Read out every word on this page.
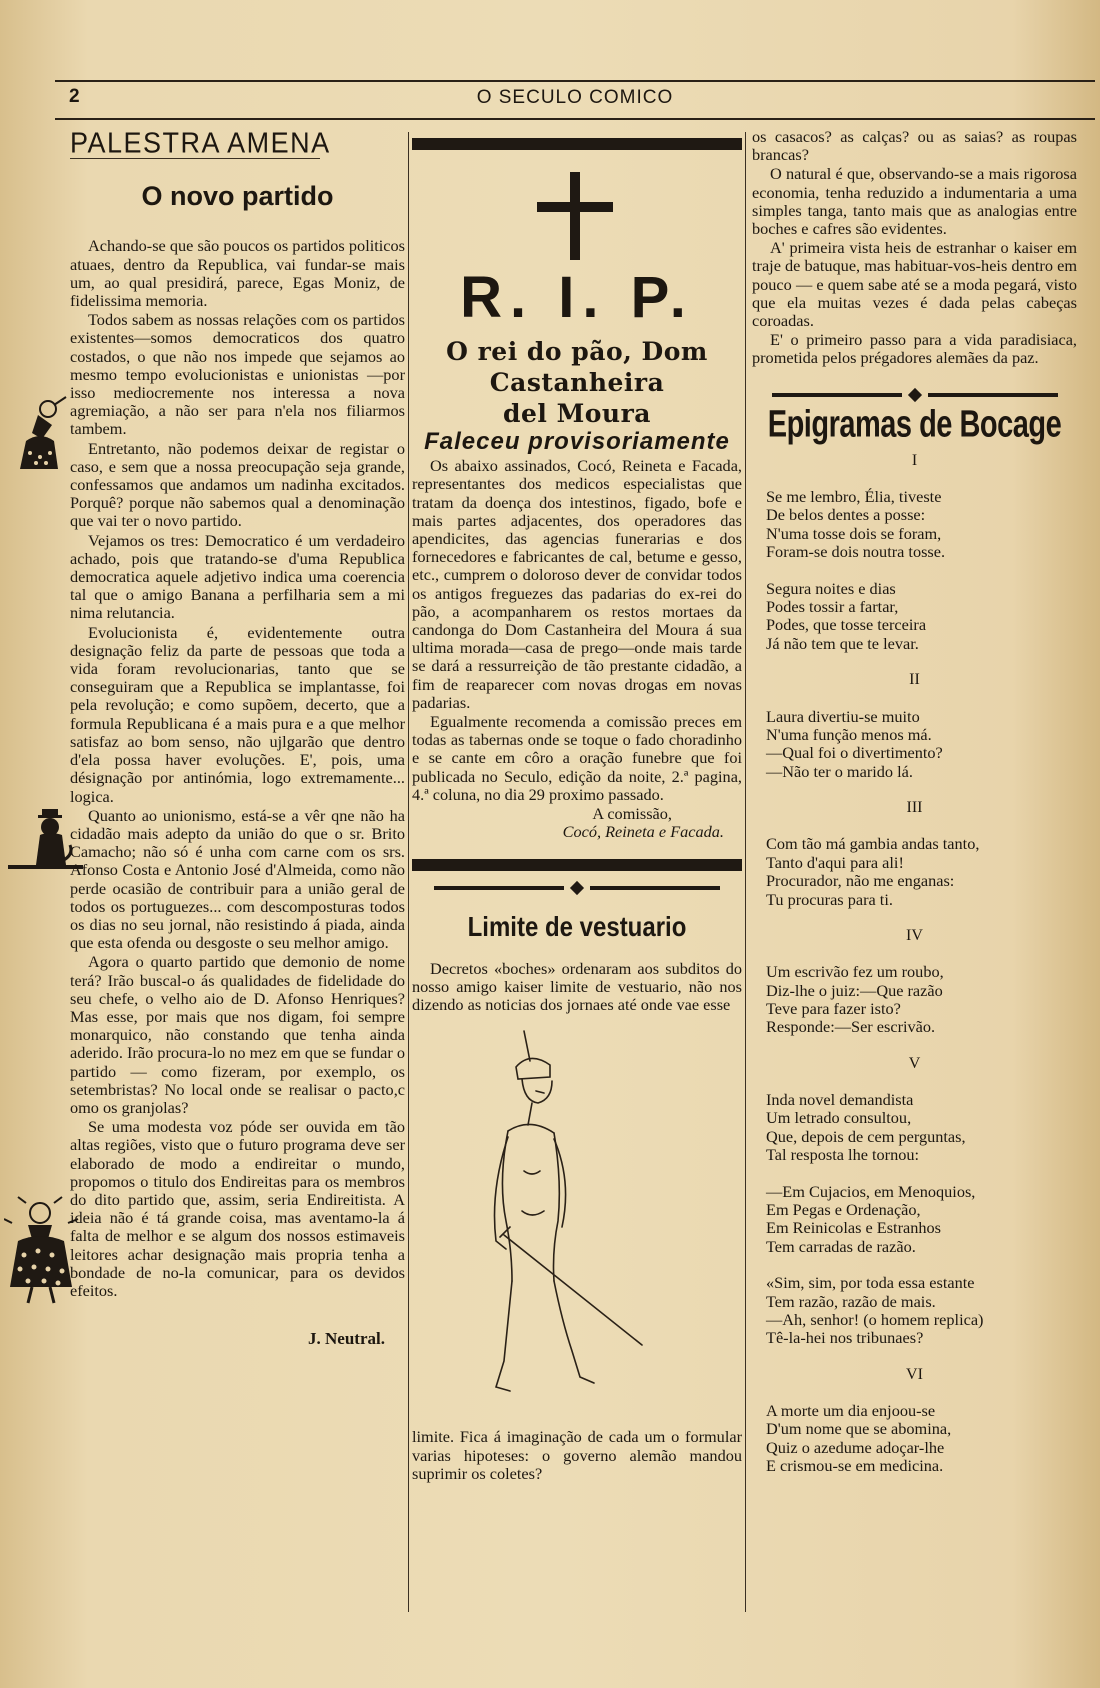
2	O SECULO COMICO
PALESTRA AMENA
O novo partido

Achando-se que são poucos os partidos politicos atuaes, dentro da Republica, vai fundar-se mais um, ao qual presidirá, parece, Egas Moniz, de fidelissima memoria.

Todos sabem as nossas relações com os partidos existentes—somos democraticos dos quatro costados, o que não nos impede que sejamos ao mesmo tempo evolucionistas e unionistas —por isso mediocremente nos interessa a nova agremiação, a não ser para n'ela nos filiarmos tambem.

Entretanto, não podemos deixar de registar o caso, e sem que a nossa preocupação seja grande, confessamos que andamos um nadinha excitados. Porquê? porque não sabemos qual a denominação que vai ter o novo partido.

Vejamos os tres: Democratico é um verdadeiro achado, pois que tratando-se d'uma Republica democratica aquele adjetivo indica uma coerencia tal que o amigo Banana a perfilharia sem a mi nima relutancia.

Evolucionista é, evidentemente outra designação feliz da parte de pessoas que toda a vida foram revolucionarias, tanto que se conseguiram que a Republica se implantasse, foi pela revolução; e como supõem, decerto, que a formula Republicana é a mais pura e a que melhor satisfaz ao bom senso, não ujlgarão que dentro d'ela possa haver evoluções. E', pois, uma désignação por antinómia, logo extremamente... logica.

Quanto ao unionismo, está-se a vêr qne não ha cidadão mais adepto da união do que o sr. Brito Camacho; não só é unha com carne com os srs. Afonso Costa e Antonio José d'Almeida, como não perde ocasião de contribuir para a união geral de todos os portuguezes... com descomposturas todos os dias no seu jornal, não resistindo á piada, ainda que esta ofenda ou desgoste o seu melhor amigo.

Agora o quarto partido que demonio de nome terá? Irão buscal-o ás qualidades de fidelidade do seu chefe, o velho aio de D. Afonso Henriques? Mas esse, por mais que nos digam, foi sempre monarquico, não constando que tenha ainda aderido. Irão procura-lo no mez em que se fundar o partido — como fizeram, por exemplo, os setembristas? No local onde se realisar o pacto,c omo os granjolas?

Se uma modesta voz póde ser ouvida em tão altas regiões, visto que o futuro programa deve ser elaborado de modo a endireitar o mundo, propomos o titulo dos Endireitas para os membros do dito partido que, assim, seria Endireitista. A ideia não é tá grande coisa, mas aventamo-la á falta de melhor e se algum dos nossos estimaveis leitores achar designação mais propria tenha a bondade de no-la comunicar, para os devidos efeitos.

J. Neutral.
R. I. P.
O rei do pão, Dom Castanheira
del Moura
Faleceu provisoriamente

Os abaixo assinados, Cocó, Reineta e Facada, representantes dos medicos especialistas que tratam da doença dos intestinos, figado, bofe e mais partes adjacentes, dos operadores das apendicites, das agencias funerarias e dos fornecedores e fabricantes de cal, betume e gesso, etc., cumprem o doloroso dever de convidar todos os antigos freguezes das padarias do ex-rei do pão, a acompanharem os restos mortaes da candonga do Dom Castanheira del Moura á sua ultima morada—casa de prego—onde mais tarde se dará a ressurreição de tão prestante cidadão, a fim de reaparecer com novas drogas em novas padarias.

Egualmente recomenda a comissão preces em todas as tabernas onde se toque o fado choradinho e se cante em côro a oração funebre que foi publicada no Seculo, edição da noite, 2.ª pagina, 4.ª coluna, no dia 29 proximo passado.

A comissão,
Cocó, Reineta e Facada.
Limite de vestuario

Decretos «boches» ordenaram aos subditos do nosso amigo kaiser limite de vestuario, não nos dizendo as noticias dos jornaes até onde vae esse

limite. Fica á imaginação de cada um o formular varias hipoteses: o governo alemão mandou suprimir os coletes?

os casacos? as calças? ou as saias? as roupas brancas?

O natural é que, observando-se a mais rigorosa economia, tenha reduzido a indumentaria a uma simples tanga, tanto mais que as analogias entre boches e cafres são evidentes.

A' primeira vista heis de estranhar o kaiser em traje de batuque, mas habituar-vos-heis dentro em pouco — e quem sabe até se a moda pegará, visto que ela muitas vezes é dada pelas cabeças coroadas.

E' o primeiro passo para a vida paradisiaca, prometida pelos prégadores alemães da paz.

Epigramas de Bocage
I
Se me lembro, Élia, tiveste
De belos dentes a posse:
N'uma tosse dois se foram,
Foram-se dois noutra tosse.
Segura noites e dias
Podes tossir a fartar,
Podes, que tosse terceira
Já não tem que te levar.
II
Laura divertiu-se muito
N'uma função menos má.
—Qual foi o divertimento?
—Não ter o marido lá.
III
Com tão má gambia andas tanto,
Tanto d'aqui para ali!
Procurador, não me enganas:
Tu procuras para ti.
IV
Um escrivão fez um roubo,
Diz-lhe o juiz:—Que razão
Teve para fazer isto?
Responde:—Ser escrivão.
V
Inda novel demandista
Um letrado consultou,
Que, depois de cem perguntas,
Tal resposta lhe tornou:
—Em Cujacios, em Menoquios,
Em Pegas e Ordenação,
Em Reinicolas e Estranhos
Tem carradas de razão.
«Sim, sim, por toda essa estante
Tem razão, razão de mais.
—Ah, senhor! (o homem replica)
Tê-la-hei nos tribunaes?
VI
A morte um dia enjoou-se
D'um nome que se abomina,
Quiz o azedume adoçar-lhe
E crismou-se em medicina.
